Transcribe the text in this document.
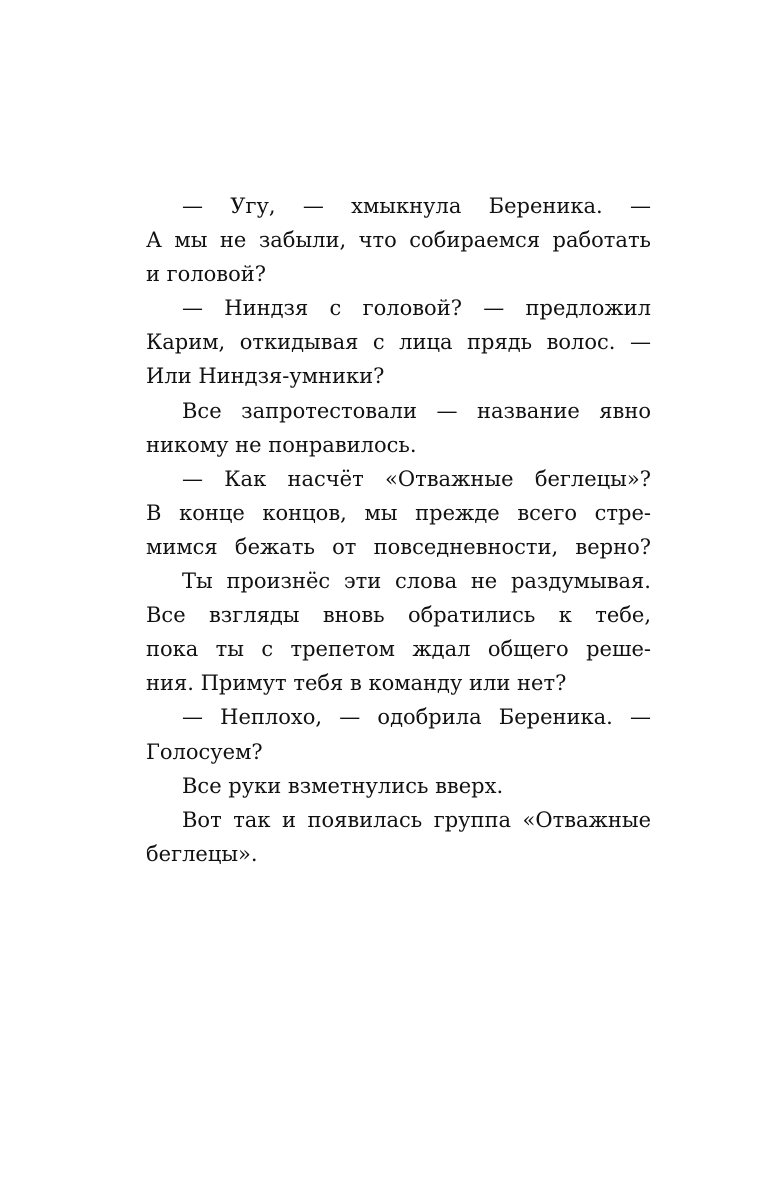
— Угу, — хмыкнула Береника. —
А мы не забыли, что собираемся работать
и головой?
— Ниндзя с головой? — предложил
Карим, откидывая с лица прядь волос. —
Или Ниндзя-умники?
Все запротестовали — название явно
никому не понравилось.
— Как насчёт «Отважные беглецы»?
В конце концов, мы прежде всего стре-
мимся бежать от повседневности, верно?
Ты произнёс эти слова не раздумывая.
Все взгляды вновь обратились к тебе,
пока ты с трепетом ждал общего реше-
ния. Примут тебя в команду или нет?
— Неплохо, — одобрила Береника. —
Голосуем?
Все руки взметнулись вверх.
Вот так и появилась группа «Отважные
беглецы».
